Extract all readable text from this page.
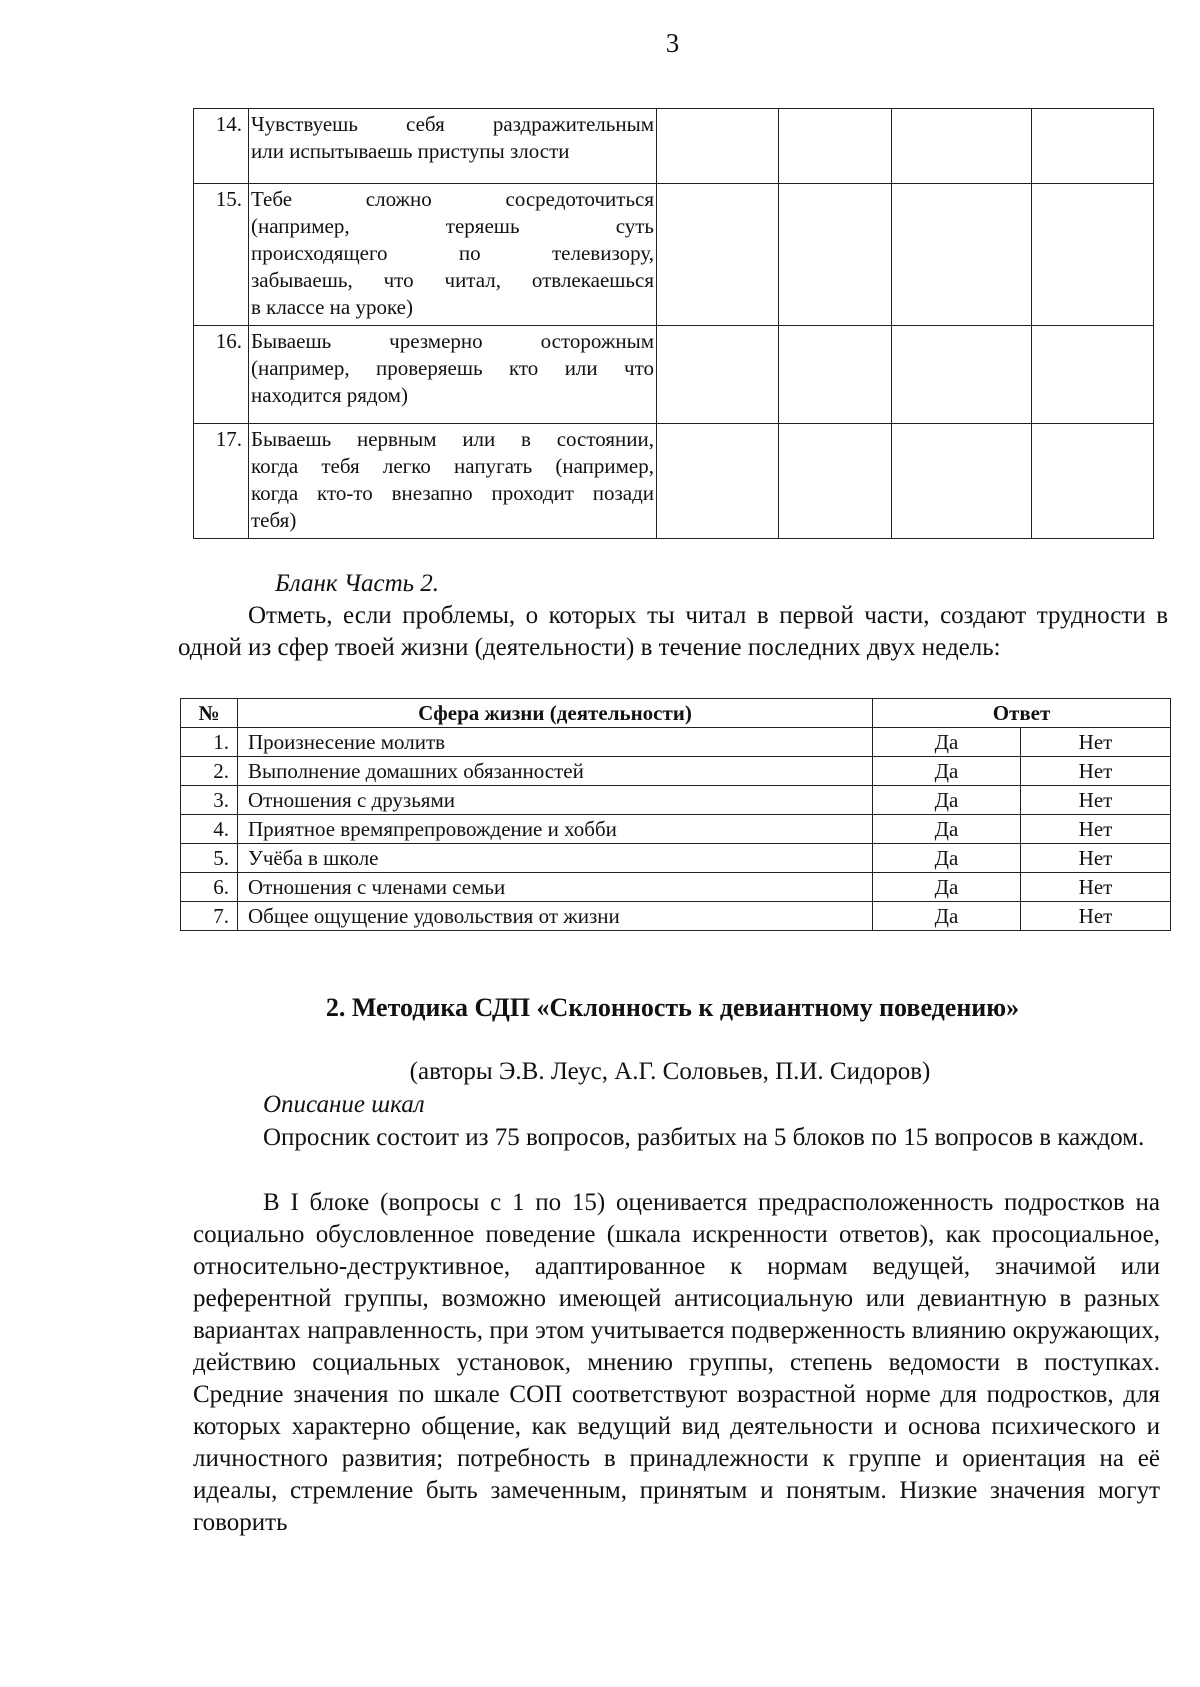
3
14.	Чувствуешь себя раздражительным
или испытываешь приступы злости				
15.	Тебе сложно сосредоточиться
(например, теряешь суть
происходящего по телевизору,
забываешь, что читал, отвлекаешься
в классе на уроке)				
16.	Бываешь чрезмерно осторожным
(например, проверяешь кто или что
находится рядом)				
17.	Бываешь нервным или в состоянии,
когда тебя легко напугать (например,
когда кто-то внезапно проходит позади
тебя)				
Бланк Часть 2.
Отметь, если проблемы, о которых ты читал в первой части, создают трудности в одной из сфер твоей жизни (деятельности) в течение последних двух недель:
№	Сфера жизни (деятельности)	Ответ	
1.	Произнесение молитв	Да	Нет
2.	Выполнение домашних обязанностей	Да	Нет
3.	Отношения с друзьями	Да	Нет
4.	Приятное времяпрепровождение и хобби	Да	Нет
5.	Учёба в школе	Да	Нет
6.	Отношения с членами семьи	Да	Нет
7.	Общее ощущение удовольствия от жизни	Да	Нет
2. Методика СДП «Склонность к девиантному поведению»
(авторы Э.В. Леус, А.Г. Соловьев, П.И. Сидоров)
Описание шкал
Опросник состоит из 75 вопросов, разбитых на 5 блоков по 15 вопросов в каждом.
В I блоке (вопросы с 1 по 15) оценивается предрасположенность подростков на социально обусловленное поведение (шкала искренности ответов), как просоциальное, относительно-деструктивное, адаптированное к нормам ведущей, значимой или референтной группы, возможно имеющей антисоциальную или девиантную в разных вариантах направленность, при этом учитывается подверженность влиянию окружающих, действию социальных установок, мнению группы, степень ведомости в поступках. Средние значения по шкале СОП соответствуют возрастной норме для подростков, для которых характерно общение, как ведущий вид деятельности и основа психического и личностного развития; потребность в принадлежности к группе и ориентация на её идеалы, стремление быть замеченным, принятым и понятым. Низкие значения могут говорить
